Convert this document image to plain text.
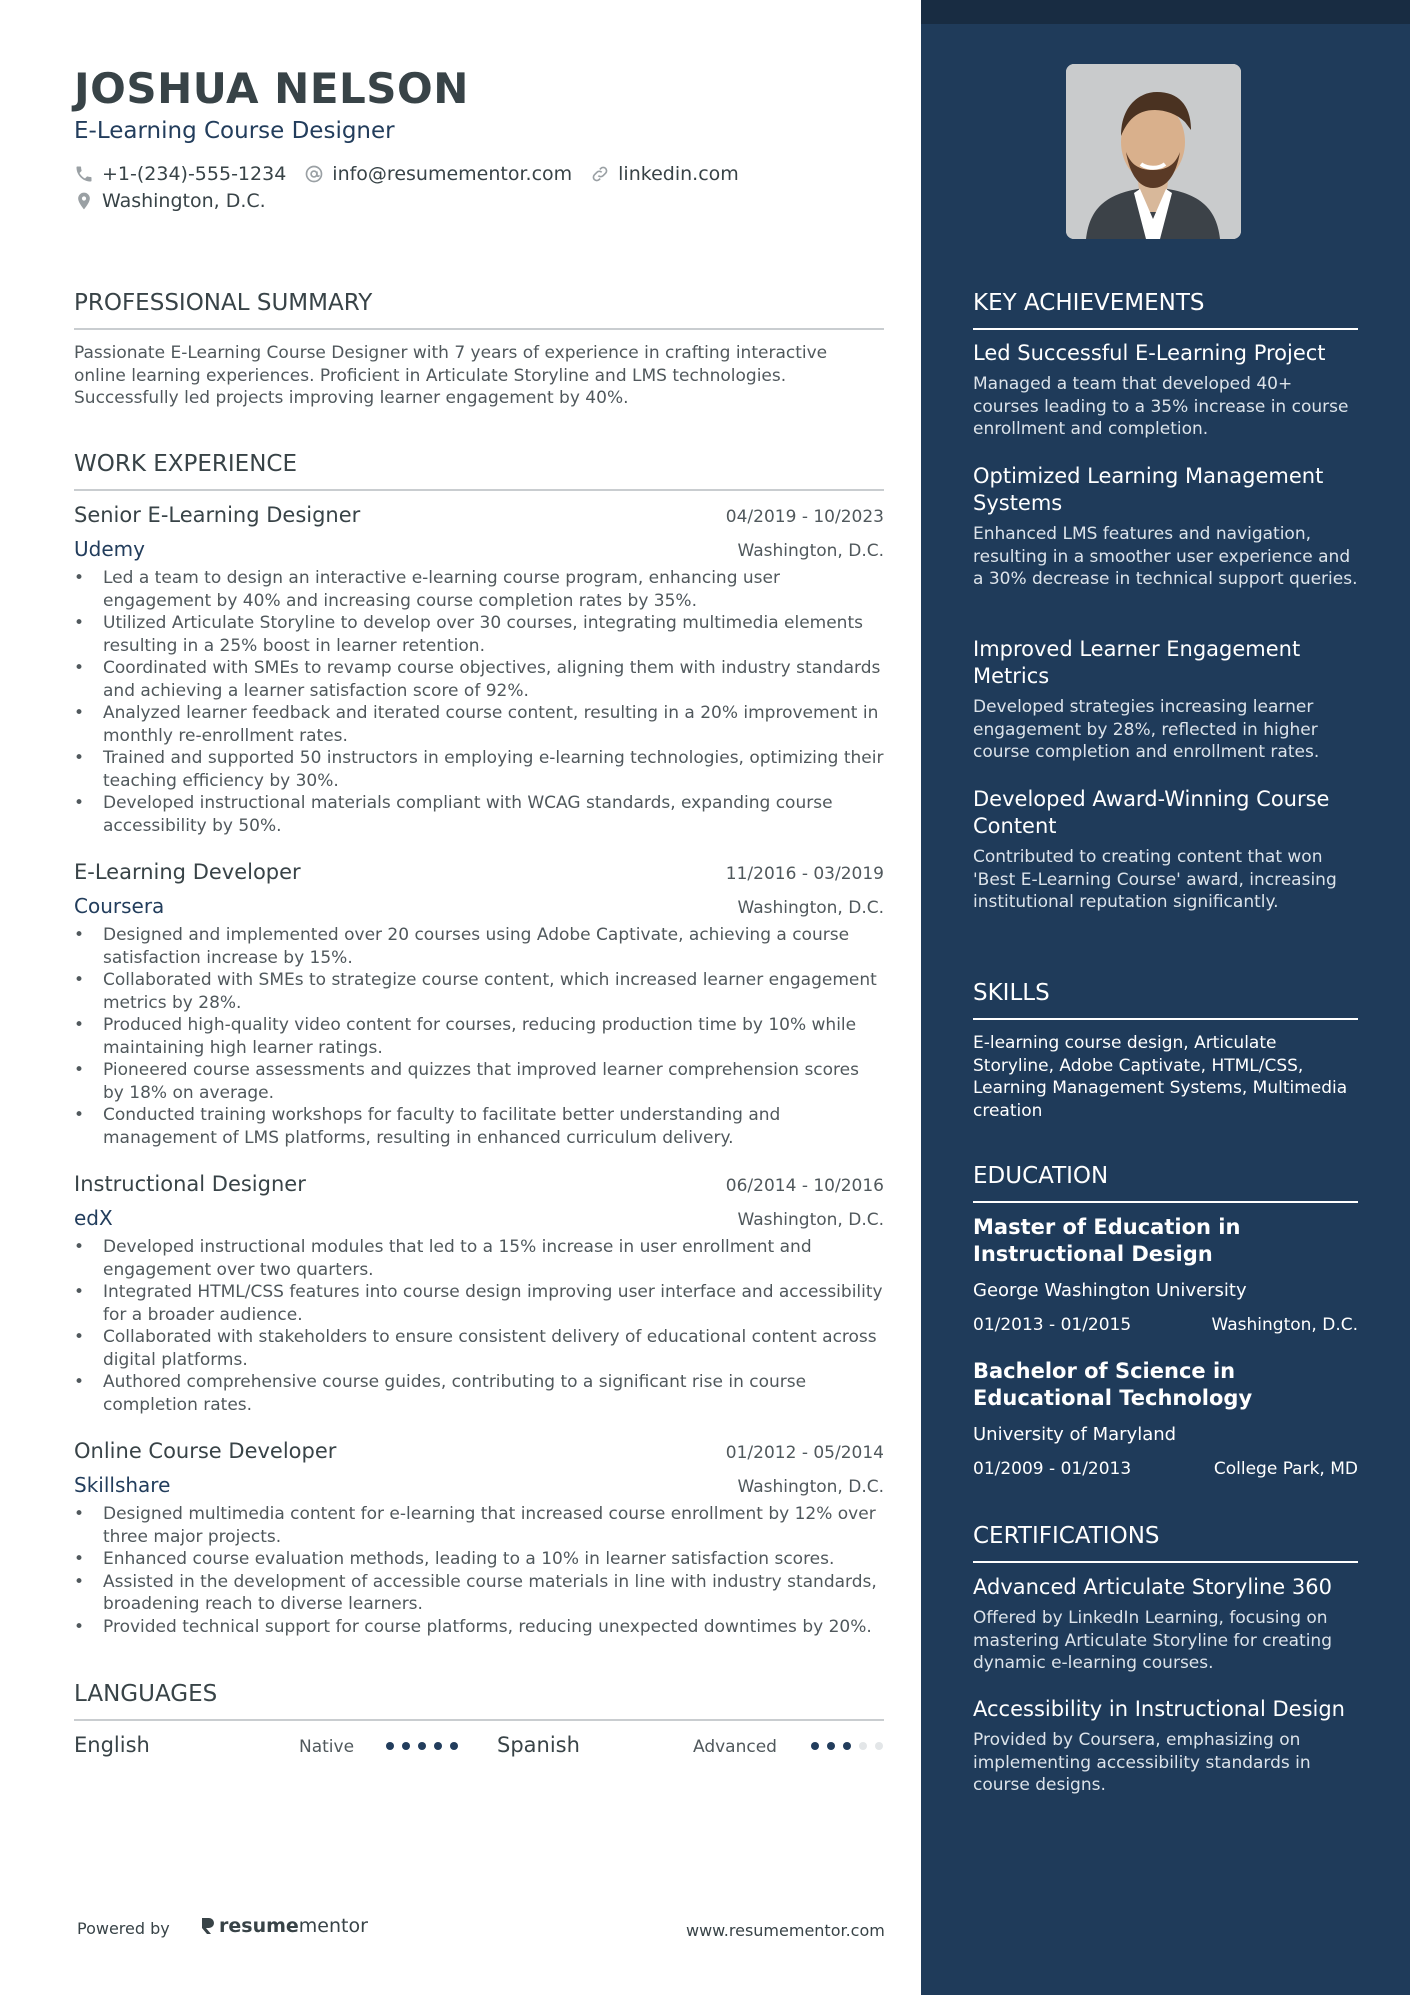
JOSHUA NELSON
E-Learning Course Designer
+1-(234)-555-1234 info@resumementor.com linkedin.com
Washington, D.C.
PROFESSIONAL SUMMARY
Passionate E-Learning Course Designer with 7 years of experience in crafting interactive online learning experiences. Proficient in Articulate Storyline and LMS technologies. Successfully led projects improving learner engagement by 40%.
WORK EXPERIENCE
Senior E-Learning Designer	04/2019 - 10/2023
Udemy	Washington, D.C.
• Led a team to design an interactive e-learning course program, enhancing user engagement by 40% and increasing course completion rates by 35%.
• Utilized Articulate Storyline to develop over 30 courses, integrating multimedia elements resulting in a 25% boost in learner retention.
• Coordinated with SMEs to revamp course objectives, aligning them with industry standards and achieving a learner satisfaction score of 92%.
• Analyzed learner feedback and iterated course content, resulting in a 20% improvement in monthly re-enrollment rates.
• Trained and supported 50 instructors in employing e-learning technologies, optimizing their teaching efficiency by 30%.
• Developed instructional materials compliant with WCAG standards, expanding course accessibility by 50%.
E-Learning Developer	11/2016 - 03/2019
Coursera	Washington, D.C.
• Designed and implemented over 20 courses using Adobe Captivate, achieving a course satisfaction increase by 15%.
• Collaborated with SMEs to strategize course content, which increased learner engagement metrics by 28%.
• Produced high-quality video content for courses, reducing production time by 10% while maintaining high learner ratings.
• Pioneered course assessments and quizzes that improved learner comprehension scores by 18% on average.
• Conducted training workshops for faculty to facilitate better understanding and management of LMS platforms, resulting in enhanced curriculum delivery.
Instructional Designer	06/2014 - 10/2016
edX	Washington, D.C.
• Developed instructional modules that led to a 15% increase in user enrollment and engagement over two quarters.
• Integrated HTML/CSS features into course design improving user interface and accessibility for a broader audience.
• Collaborated with stakeholders to ensure consistent delivery of educational content across digital platforms.
• Authored comprehensive course guides, contributing to a significant rise in course completion rates.
Online Course Developer	01/2012 - 05/2014
Skillshare	Washington, D.C.
• Designed multimedia content for e-learning that increased course enrollment by 12% over three major projects.
• Enhanced course evaluation methods, leading to a 10% in learner satisfaction scores.
• Assisted in the development of accessible course materials in line with industry standards, broadening reach to diverse learners.
• Provided technical support for course platforms, reducing unexpected downtimes by 20%.
LANGUAGES
English	Native	Spanish	Advanced
Powered by	resume mentor	www.resumementor.com
KEY ACHIEVEMENTS
Led Successful E-Learning Project
Managed a team that developed 40+ courses leading to a 35% increase in course enrollment and completion.
Optimized Learning Management Systems
Enhanced LMS features and navigation, resulting in a smoother user experience and a 30% decrease in technical support queries.
Improved Learner Engagement Metrics
Developed strategies increasing learner engagement by 28%, reflected in higher course completion and enrollment rates.
Developed Award-Winning Course Content
Contributed to creating content that won 'Best E-Learning Course' award, increasing institutional reputation significantly.
SKILLS
E-learning course design, Articulate Storyline, Adobe Captivate, HTML/CSS, Learning Management Systems, Multimedia creation
EDUCATION
Master of Education in Instructional Design
George Washington University
01/2013 - 01/2015	Washington, D.C.
Bachelor of Science in Educational Technology
University of Maryland
01/2009 - 01/2013	College Park, MD
CERTIFICATIONS
Advanced Articulate Storyline 360
Offered by LinkedIn Learning, focusing on mastering Articulate Storyline for creating dynamic e-learning courses.
Accessibility in Instructional Design
Provided by Coursera, emphasizing on implementing accessibility standards in course designs.
